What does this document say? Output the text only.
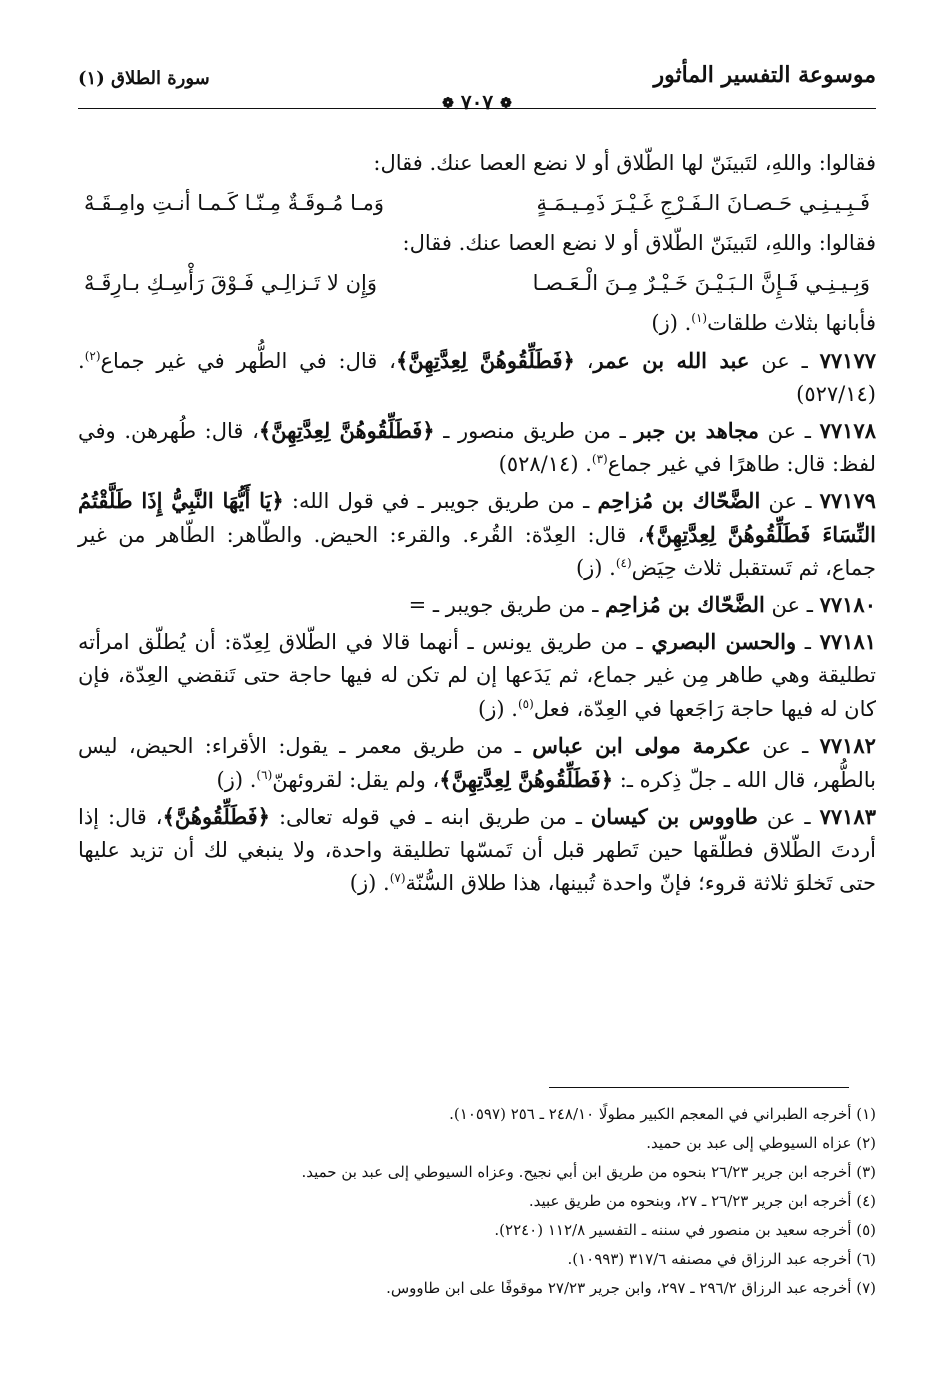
موسوعة التفسير المأثور
❁ ٧٠٧ ❁
سورة الطلاق (١)

فقالوا: واللهِ، لتَبينَنّ لها الطّلاق أو لا نضع العصا عنك. فقال:

فَـبِـيـنِـي حَـصـانَ الـفَـرْجِ غَـيْـرَ ذَمِـيـمَـةٍ
وَمـا مُـوقَـةٌ مِـنّـا كَـمـا أنـتِ وامِـقَـهْ

فقالوا: واللهِ، لتَبينَنّ الطّلاق أو لا نضع العصا عنك. فقال:

وَبِـيـنِـي فَـإِنَّ الـبَـيْـنَ خَـيْـرٌ مِـنَ الْـعَـصـا
وَإِن لا تَـزالِـي فَـوْقَ رَأْسِـكِ بـارِقَـهْ

فأبانها بثلاث طلقات$^{(١)}$. (ز)

٧٧١٧٧ ـ عن عبد الله بن عمر، ﴿فَطَلِّقُوهُنَّ لِعِدَّتِهِنَّ﴾، قال: في الطُّهر في غير جماع$^{(٢)}$. (٥٢٧/١٤)

٧٧١٧٨ ـ عن مجاهد بن جبر ـ من طريق منصور ـ ﴿فَطَلِّقُوهُنَّ لِعِدَّتِهِنَّ﴾، قال: طُهرهن. وفي لفظ: قال: طاهرًا في غير جماع$^{(٣)}$. (٥٢٨/١٤)

٧٧١٧٩ ـ عن الضَّحّاك بن مُزاحِم ـ من طريق جويبر ـ في قول الله: ﴿يَا أَيُّهَا النَّبِيُّ إِذَا طَلَّقْتُمُ النِّسَاءَ فَطَلِّقُوهُنَّ لِعِدَّتِهِنَّ﴾، قال: العِدّة: القُرء. والقرء: الحيض. والطّاهر: الطّاهر من غير جماع، ثم تَستقبل ثلاث حِيَض$^{(٤)}$. (ز)

٧٧١٨٠ ـ عن الضَّحّاك بن مُزاحِم ـ من طريق جويبر ـ =

٧٧١٨١ ـ والحسن البصري ـ من طريق يونس ـ أنهما قالا في الطّلاق لِعِدّة: أن يُطلّق امرأته تطليقة وهي طاهر مِن غير جماع، ثم يَدَعها إن لم تكن له فيها حاجة حتى تَنقضي العِدّة، فإن كان له فيها حاجة رَاجَعها في العِدّة، فعل$^{(٥)}$. (ز)

٧٧١٨٢ ـ عن عكرمة مولى ابن عباس ـ من طريق معمر ـ يقول: الأقراء: الحيض، ليس بالطُّهر، قال الله ـ جلّ ذِكره ـ: ﴿فَطَلِّقُوهُنَّ لِعِدَّتِهِنَّ﴾، ولم يقل: لقروئهنّ$^{(٦)}$. (ز)

٧٧١٨٣ ـ عن طاووس بن كيسان ـ من طريق ابنه ـ في قوله تعالى: ﴿فَطَلِّقُوهُنَّ﴾، قال: إذا أردتَ الطّلاق فطلّقها حين تَطهر قبل أن تَمسّها تطليقة واحدة، ولا ينبغي لك أن تزيد عليها حتى تَخلوَ ثلاثة قروء؛ فإنّ واحدة تُبينها، هذا طلاق السُّنّة$^{(٧)}$. (ز)

(١) أخرجه الطبراني في المعجم الكبير مطولًا ٢٤٨/١٠ ـ ٢٥٦ (١٠٥٩٧).

(٢) عزاه السيوطي إلى عبد بن حميد.

(٣) أخرجه ابن جرير ٢٦/٢٣ بنحوه من طريق ابن أبي نجيح. وعزاه السيوطي إلى عبد بن حميد.

(٤) أخرجه ابن جرير ٢٦/٢٣ ـ ٢٧، وبنحوه من طريق عبيد.

(٥) أخرجه سعيد بن منصور في سننه ـ التفسير ١١٢/٨ (٢٢٤٠).

(٦) أخرجه عبد الرزاق في مصنفه ٣١٧/٦ (١٠٩٩٣).

(٧) أخرجه عبد الرزاق ٢٩٦/٢ ـ ٢٩٧، وابن جرير ٢٧/٢٣ موقوفًا على ابن طاووس.
